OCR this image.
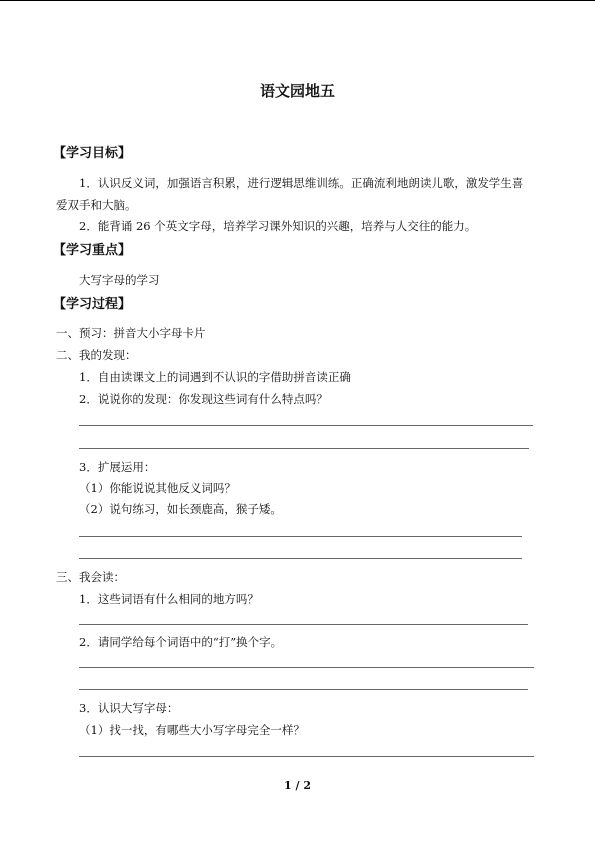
语文园地五
【学习目标】
1．认识反义词，加强语言积累，进行逻辑思维训练。正确流利地朗读儿歌，激发学生喜
爱双手和大脑。
2．能背诵 26 个英文字母，培养学习课外知识的兴趣，培养与人交往的能力。
【学习重点】
大写字母的学习
【学习过程】
一、预习：拼音大小字母卡片
二、我的发现：
1．自由读课文上的词遇到不认识的字借助拼音读正确
2．说说你的发现：你发现这些词有什么特点吗？
3．扩展运用：
（1）你能说说其他反义词吗？
（2）说句练习，如长颈鹿高，猴子矮。
三、我会读：
1．这些词语有什么相同的地方吗？
2．请同学给每个词语中的“打”换个字。
3．认识大写字母：
（1）找一找，有哪些大小写字母完全一样？
1 / 2
